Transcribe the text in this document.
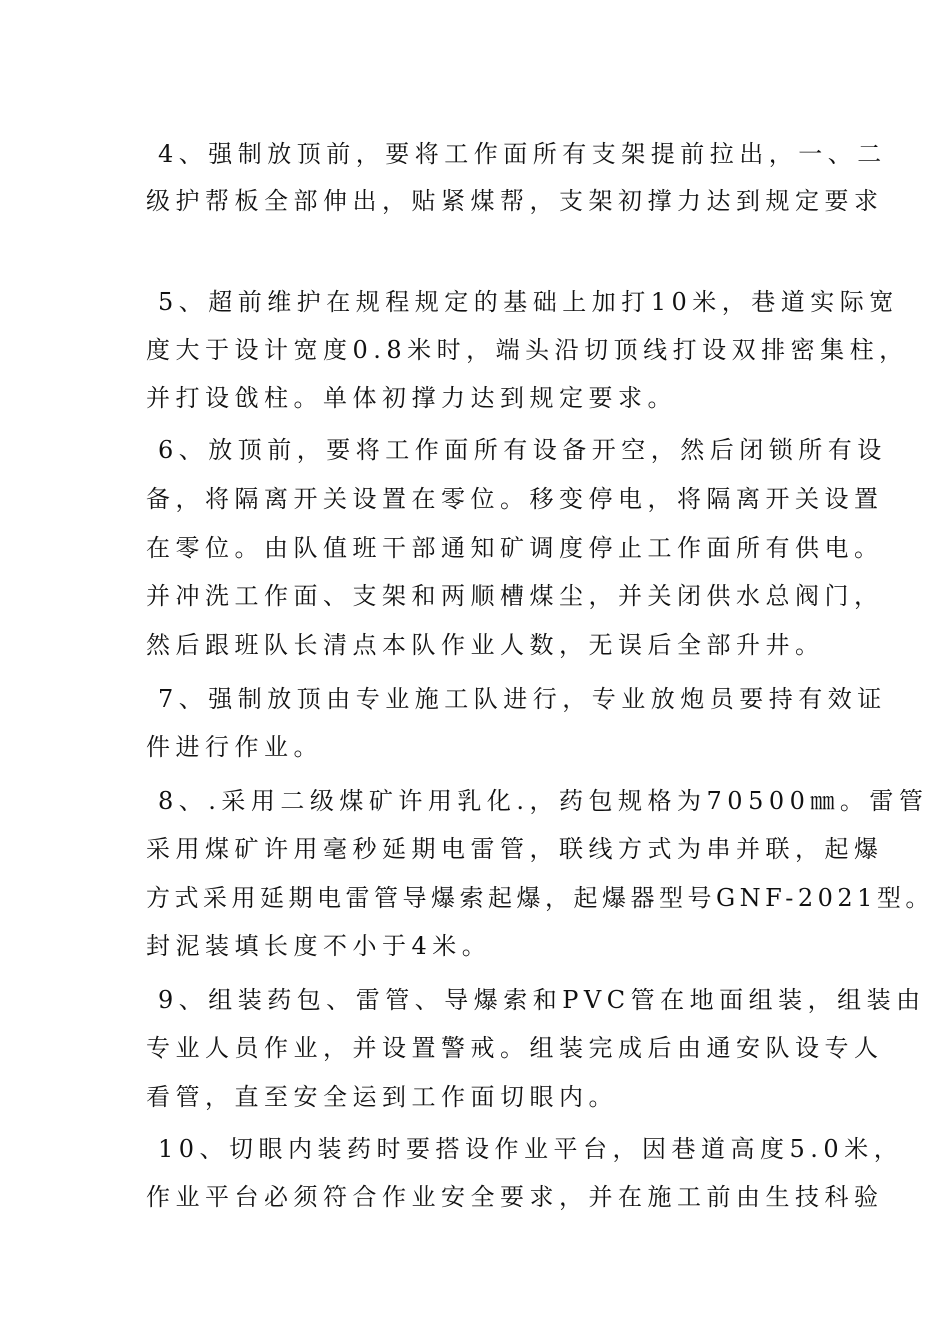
4、强制放顶前，要将工作面所有支架提前拉出，一、二

级护帮板全部伸出，贴紧煤帮，支架初撑力达到规定要求

5、超前维护在规程规定的基础上加打10米，巷道实际宽

度大于设计宽度0.8米时，端头沿切顶线打设双排密集柱，

并打设戗柱。单体初撑力达到规定要求。

6、放顶前，要将工作面所有设备开空，然后闭锁所有设

备，将隔离开关设置在零位。移变停电，将隔离开关设置

在零位。由队值班干部通知矿调度停止工作面所有供电。

并冲洗工作面、支架和两顺槽煤尘，并关闭供水总阀门，

然后跟班队长清点本队作业人数，无误后全部升井。

7、强制放顶由专业施工队进行，专业放炮员要持有效证

件进行作业。

8、.采用二级煤矿许用乳化.，药包规格为70500㎜。雷管

采用煤矿许用毫秒延期电雷管，联线方式为串并联，起爆

方式采用延期电雷管导爆索起爆，起爆器型号GNF-2021型。

封泥装填长度不小于4米。

9、组装药包、雷管、导爆索和PVC管在地面组装，组装由

专业人员作业，并设置警戒。组装完成后由通安队设专人

看管，直至安全运到工作面切眼内。

10、切眼内装药时要搭设作业平台，因巷道高度5.0米，

作业平台必须符合作业安全要求，并在施工前由生技科验
